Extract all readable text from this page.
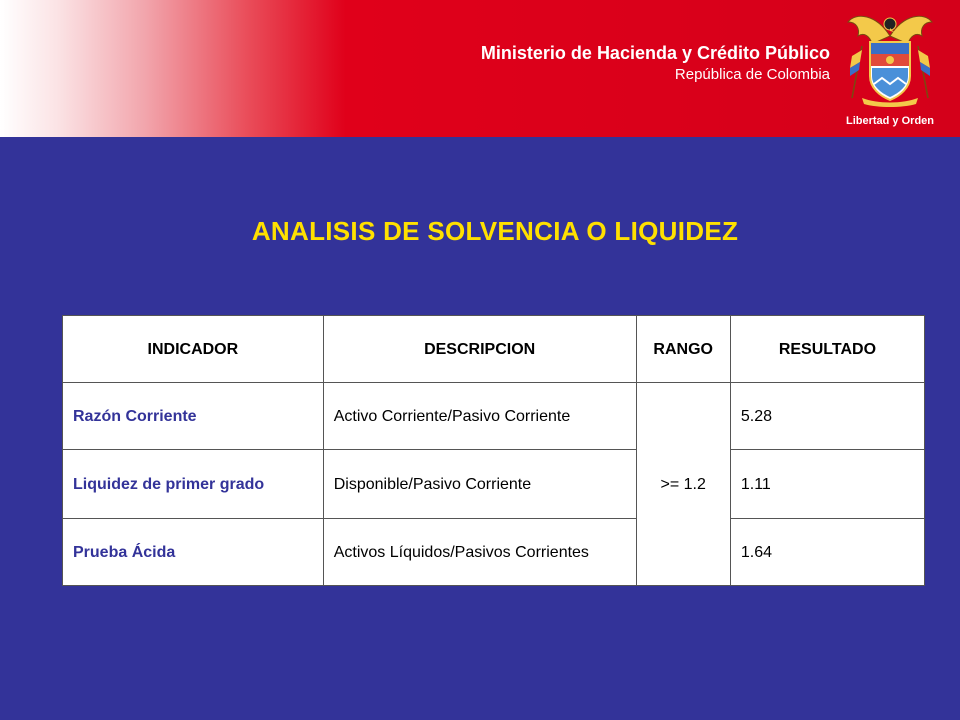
Ministerio de Hacienda y Crédito Público
República de Colombia
Libertad y Orden
ANALISIS DE SOLVENCIA O LIQUIDEZ
INDICADOR	DESCRIPCION	RANGO	RESULTADO
Razón Corriente	Activo Corriente/Pasivo Corriente	>= 1.2	5.28
Liquidez de primer grado	Disponible/Pasivo Corriente		1.11
Prueba Ácida	Activos Líquidos/Pasivos Corrientes		1.64
